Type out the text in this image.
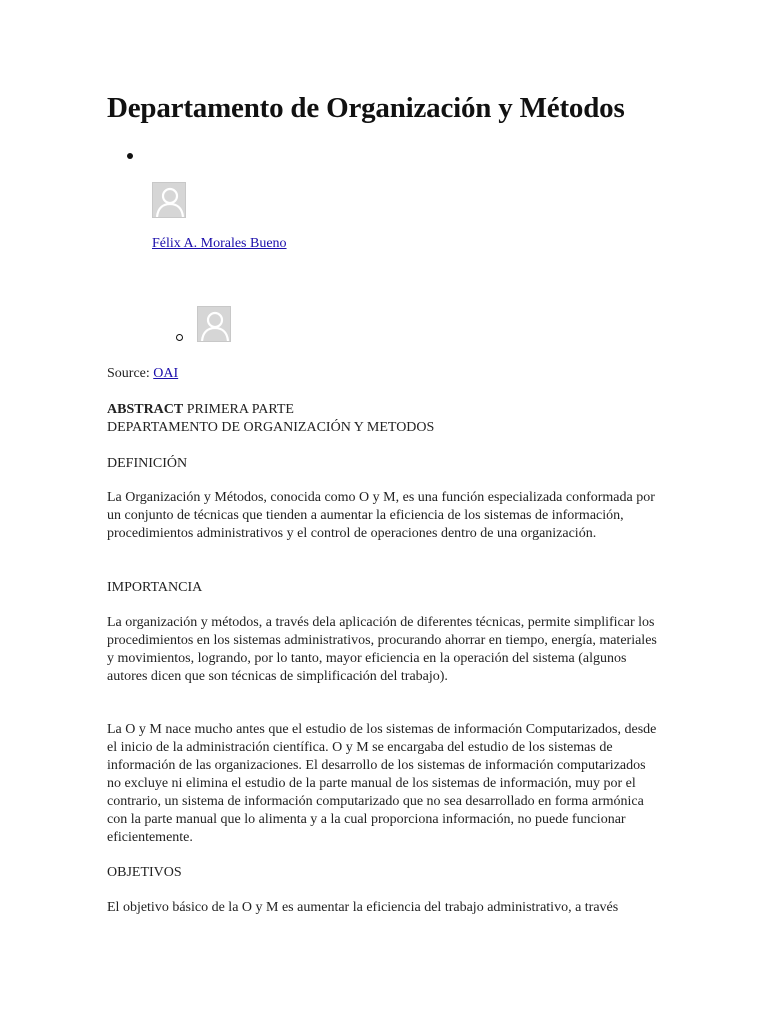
Departamento de Organización y Métodos
Félix A. Morales Bueno

Source: OAI

ABSTRACT PRIMERA PARTE
DEPARTAMENTO DE ORGANIZACIÓN Y METODOS

DEFINICIÓN

La Organización y Métodos, conocida como O y M, es una función especializada conformada por un conjunto de técnicas que tienden a aumentar la eficiencia de los sistemas de información, procedimientos administrativos y el control de operaciones dentro de una organización.

IMPORTANCIA

La organización y métodos, a través dela aplicación de diferentes técnicas, permite simplificar los procedimientos en los sistemas administrativos, procurando ahorrar en tiempo, energía, materiales y movimientos, logrando, por lo tanto, mayor eficiencia en la operación del sistema (algunos autores dicen que son técnicas de simplificación del trabajo).

La O y M nace mucho antes que el estudio de los sistemas de información Computarizados, desde el inicio de la administración científica. O y M se encargaba del estudio de los sistemas de información de las organizaciones. El desarrollo de los sistemas de información computarizados no excluye ni elimina el estudio de la parte manual de los sistemas de información, muy por el contrario, un sistema de información computarizado que no sea desarrollado en forma armónica con la parte manual que lo alimenta y a la cual proporciona información, no puede funcionar eficientemente.

OBJETIVOS

El objetivo básico de la O y M es aumentar la eficiencia del trabajo administrativo, a través
